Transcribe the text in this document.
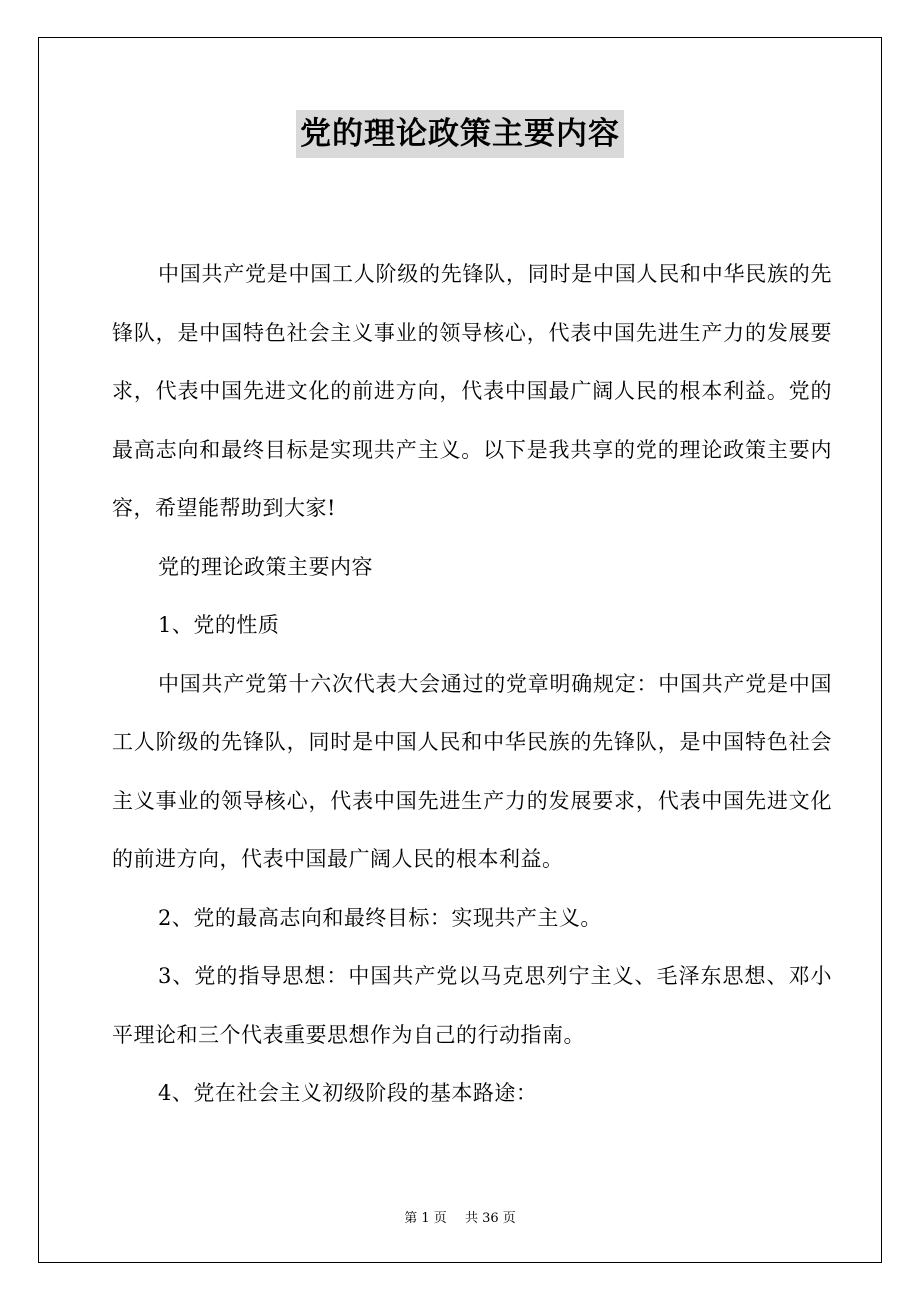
党的理论政策主要内容

中国共产党是中国工人阶级的先锋队，同时是中国人民和中华民族的先锋队，是中国特色社会主义事业的领导核心，代表中国先进生产力的发展要求，代表中国先进文化的前进方向，代表中国最广阔人民的根本利益。党的最高志向和最终目标是实现共产主义。以下是我共享的党的理论政策主要内容，希望能帮助到大家!

党的理论政策主要内容

1、党的性质

中国共产党第十六次代表大会通过的党章明确规定：中国共产党是中国工人阶级的先锋队，同时是中国人民和中华民族的先锋队，是中国特色社会主义事业的领导核心，代表中国先进生产力的发展要求，代表中国先进文化的前进方向，代表中国最广阔人民的根本利益。

2、党的最高志向和最终目标：实现共产主义。

3、党的指导思想：中国共产党以马克思列宁主义、毛泽东思想、邓小平理论和三个代表重要思想作为自己的行动指南。

4、党在社会主义初级阶段的基本路途：

第 1 页 共 36 页
